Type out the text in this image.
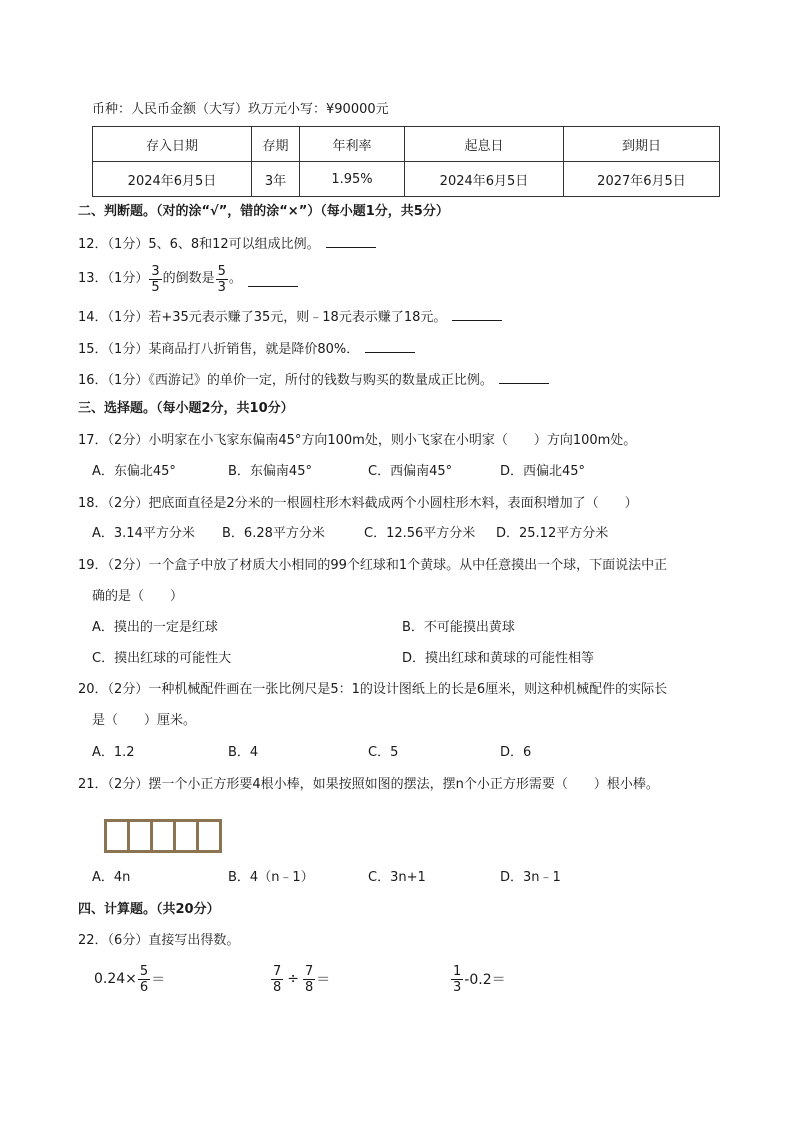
币种：人民币金额（大写）玖万元小写：¥90000元
存入日期	存期	年利率	起息日	到期日
2024年6月5日	3年	1.95%	2024年6月5日	2027年6月5日
二、判断题。（对的涂“√”，错的涂“×”）（每小题1分，共5分）
12．（1分）5、6、8和12可以组成比例。
13．（1分） $\frac{3}{5}$ 的倒数是 $\frac{5}{3}$ 。
14．（1分）若+35元表示赚了35元，则﹣18元表示赚了18元。
15．（1分）某商品打八折销售，就是降价80%．
16．（1分）《西游记》的单价一定，所付的钱数与购买的数量成正比例。
三、选择题。（每小题2分，共10分）
17．（2分）小明家在小飞家东偏南45°方向100m处，则小飞家在小明家（　　）方向100m处。
A．东偏北45°	B．东偏南45°	C．西偏南45°	D．西偏北45°
18．（2分）把底面直径是2分米的一根圆柱形木料截成两个小圆柱形木料，表面积增加了（　　）
A．3.14平方分米 B．6.28平方分米	C．12.56平方分米 D．25.12平方分米
19．（2分）一个盒子中放了材质大小相同的99个红球和1个黄球。从中任意摸出一个球，下面说法中正
确的是（　　）
A．摸出的一定是红球	B．不可能摸出黄球
C．摸出红球的可能性大	D．摸出红球和黄球的可能性相等
20．（2分）一种机械配件画在一张比例尺是5：1的设计图纸上的长是6厘米，则这种机械配件的实际长
是（　　）厘米。
A．1.2	B．4	C．5	D．6
21．（2分）摆一个小正方形要4根小棒，如果按照如图的摆法，摆n个小正方形需要（　　）根小棒。
A．4n	B．4（n﹣1）	C．3n+1	D．3n﹣1
四、计算题。（共20分）
22．（6分）直接写出得数。
$0.24\times \frac{5}{6}$ ＝	$\frac{7}{8} \div \frac{7}{8}$ ＝	$\frac{1}{3} -0.2=$
